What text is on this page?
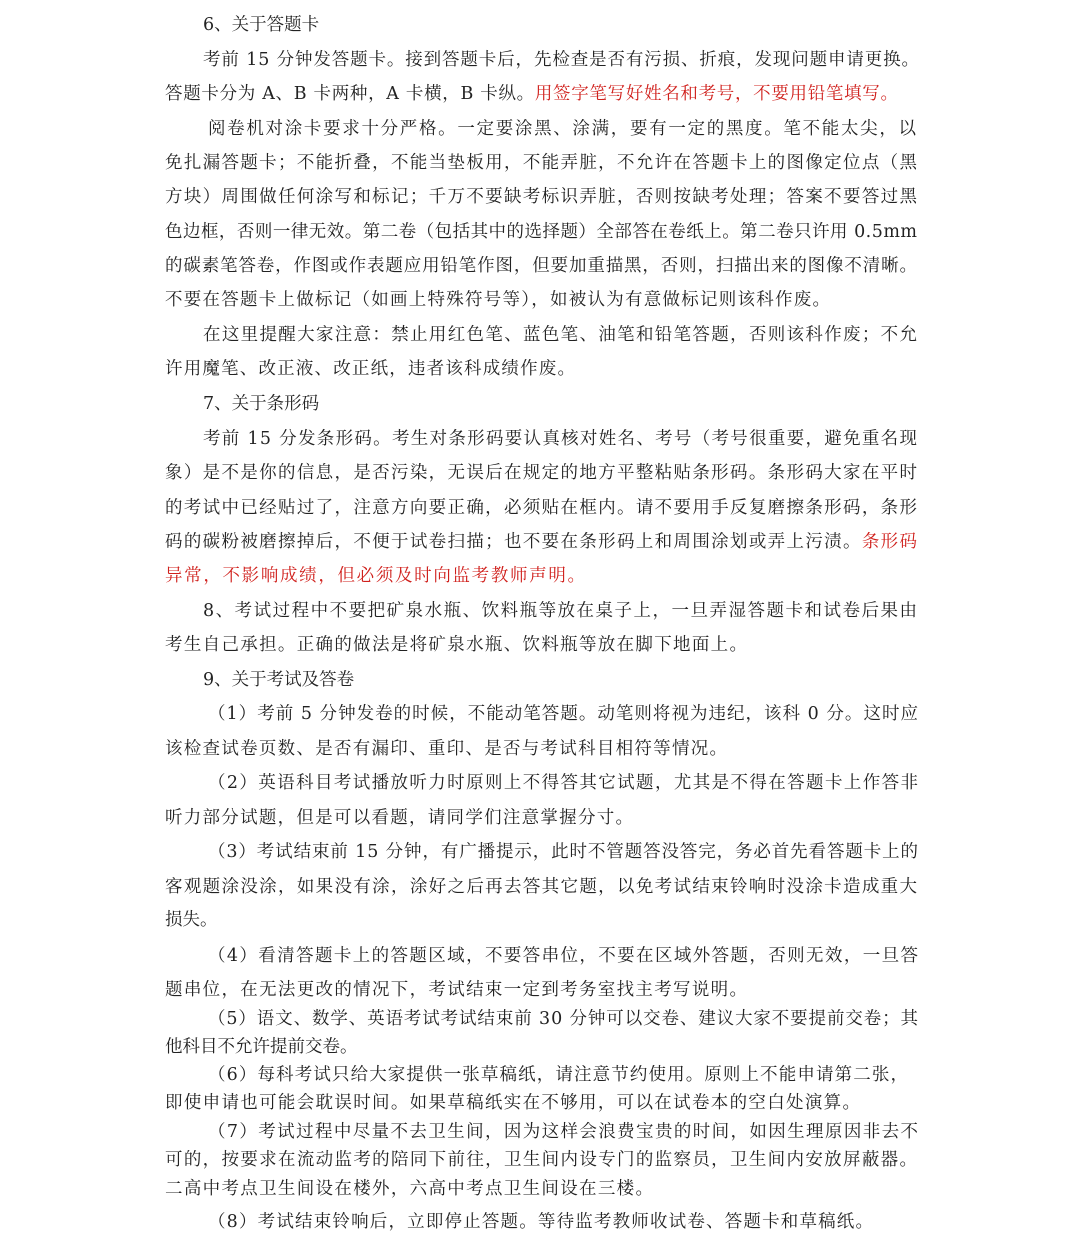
6、关于答题卡
考前 15 分钟发答题卡。接到答题卡后，先检查是否有污损、折痕，发现问题申请更换。
答题卡分为 A、B 卡两种，A 卡横，B 卡纵。用签字笔写好姓名和考号，不要用铅笔填写。
阅卷机对涂卡要求十分严格。一定要涂黑、涂满，要有一定的黑度。笔不能太尖，以
免扎漏答题卡；不能折叠，不能当垫板用，不能弄脏，不允许在答题卡上的图像定位点（黑
方块）周围做任何涂写和标记；千万不要缺考标识弄脏，否则按缺考处理；答案不要答过黑
色边框，否则一律无效。第二卷（包括其中的选择题）全部答在卷纸上。第二卷只许用 0.5mm
的碳素笔答卷，作图或作表题应用铅笔作图，但要加重描黑，否则，扫描出来的图像不清晰。
不要在答题卡上做标记（如画上特殊符号等），如被认为有意做标记则该科作废。
在这里提醒大家注意：禁止用红色笔、蓝色笔、油笔和铅笔答题，否则该科作废；不允
许用魔笔、改正液、改正纸，违者该科成绩作废。
7、关于条形码
考前 15 分发条形码。考生对条形码要认真核对姓名、考号（考号很重要，避免重名现
象）是不是你的信息，是否污染，无误后在规定的地方平整粘贴条形码。条形码大家在平时
的考试中已经贴过了，注意方向要正确，必须贴在框内。请不要用手反复磨擦条形码，条形
码的碳粉被磨擦掉后，不便于试卷扫描；也不要在条形码上和周围涂划或弄上污渍。条形码
异常，不影响成绩，但必须及时向监考教师声明。
8、考试过程中不要把矿泉水瓶、饮料瓶等放在桌子上，一旦弄湿答题卡和试卷后果由
考生自己承担。正确的做法是将矿泉水瓶、饮料瓶等放在脚下地面上。
9、关于考试及答卷
（1）考前 5 分钟发卷的时候，不能动笔答题。动笔则将视为违纪，该科 0 分。这时应
该检查试卷页数、是否有漏印、重印、是否与考试科目相符等情况。
（2）英语科目考试播放听力时原则上不得答其它试题，尤其是不得在答题卡上作答非
听力部分试题，但是可以看题，请同学们注意掌握分寸。
（3）考试结束前 15 分钟，有广播提示，此时不管题答没答完，务必首先看答题卡上的
客观题涂没涂，如果没有涂，涂好之后再去答其它题，以免考试结束铃响时没涂卡造成重大
损失。
（4）看清答题卡上的答题区域，不要答串位，不要在区域外答题，否则无效，一旦答
题串位，在无法更改的情况下，考试结束一定到考务室找主考写说明。
（5）语文、数学、英语考试考试结束前 30 分钟可以交卷、建议大家不要提前交卷；其
他科目不允许提前交卷。
（6）每科考试只给大家提供一张草稿纸，请注意节约使用。原则上不能申请第二张，
即使申请也可能会耽误时间。如果草稿纸实在不够用，可以在试卷本的空白处演算。
（7）考试过程中尽量不去卫生间，因为这样会浪费宝贵的时间，如因生理原因非去不
可的，按要求在流动监考的陪同下前往，卫生间内设专门的监察员，卫生间内安放屏蔽器。
二高中考点卫生间设在楼外，六高中考点卫生间设在三楼。
（8）考试结束铃响后，立即停止答题。等待监考教师收试卷、答题卡和草稿纸。
